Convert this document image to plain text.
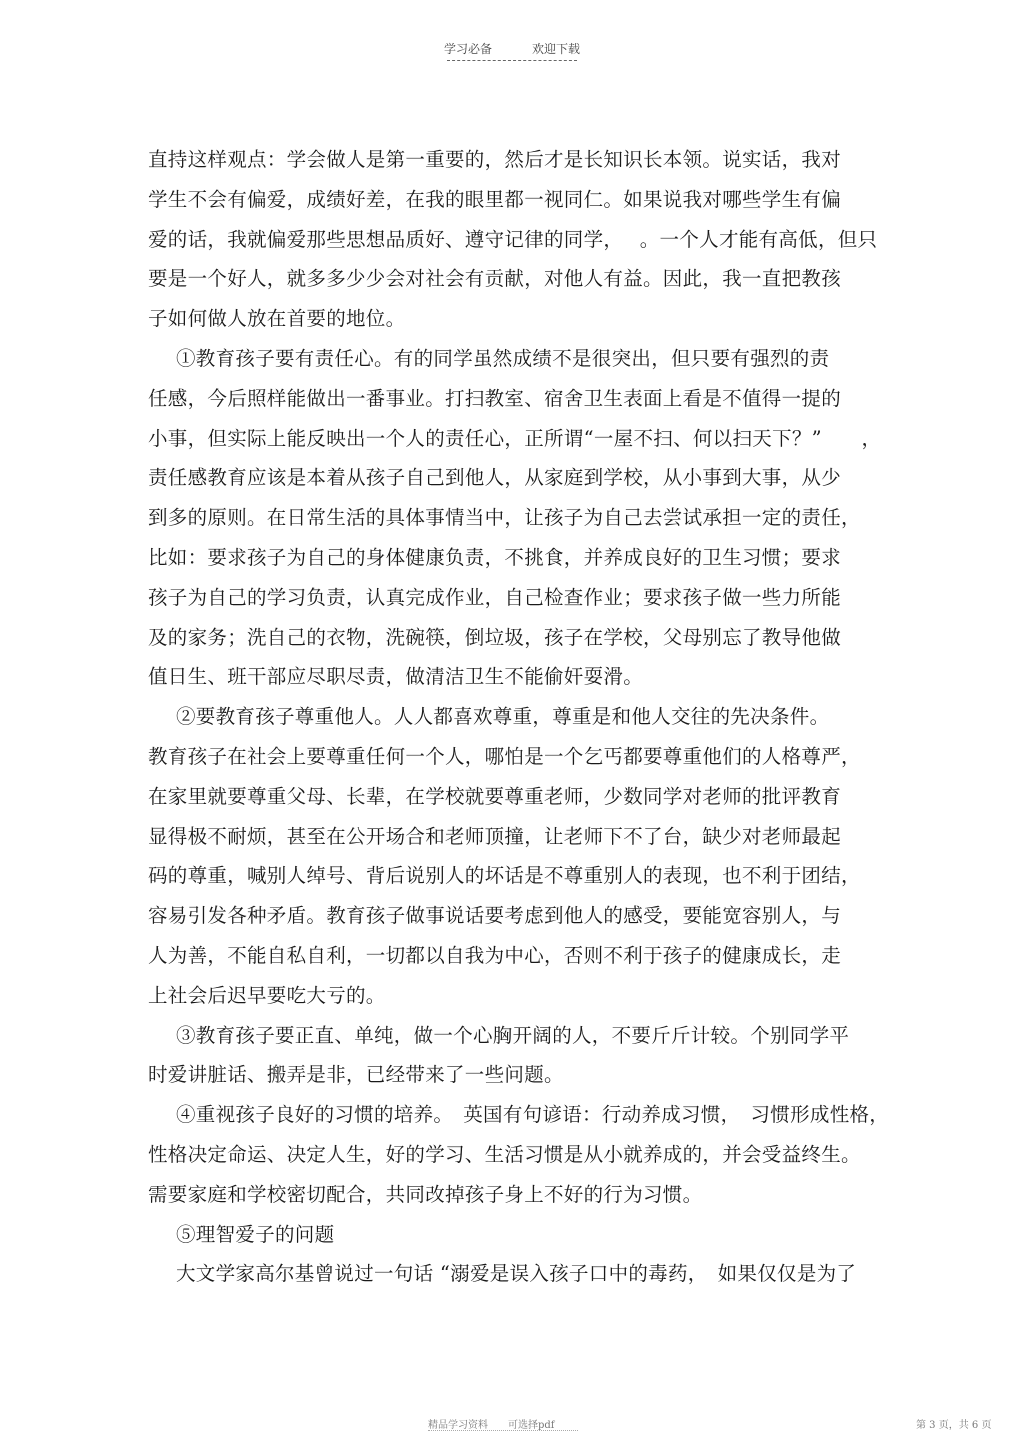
学习必备	欢迎下载
直持这样观点：学会做人是第一重要的，然后才是长知识长本领。说实话，我对
学生不会有偏爱，成绩好差，在我的眼里都一视同仁。如果说我对哪些学生有偏
爱的话，我就偏爱那些思想品质好、遵守记律的同学，　 。一个人才能有高低，但只
要是一个好人，就多多少少会对社会有贡献，对他人有益。因此，我一直把教孩
子如何做人放在首要的地位。
①教育孩子要有责任心。有的同学虽然成绩不是很突出，但只要有强烈的责
任感，今后照样能做出一番事业。打扫教室、宿舍卫生表面上看是不值得一提的
小事，但实际上能反映出一个人的责任心，正所谓“一屋不扫、何以扫天下？”　　，
责任感教育应该是本着从孩子自己到他人，从家庭到学校，从小事到大事，从少
到多的原则。在日常生活的具体事情当中，让孩子为自己去尝试承担一定的责任，
比如：要求孩子为自己的身体健康负责，不挑食，并养成良好的卫生习惯；要求
孩子为自己的学习负责，认真完成作业，自己检查作业；要求孩子做一些力所能
及的家务；洗自己的衣物，洗碗筷，倒垃圾，孩子在学校，父母别忘了教导他做
值日生、班干部应尽职尽责，做清洁卫生不能偷奸耍滑。
②要教育孩子尊重他人。人人都喜欢尊重，尊重是和他人交往的先决条件。
教育孩子在社会上要尊重任何一个人，哪怕是一个乞丐都要尊重他们的人格尊严，
在家里就要尊重父母、长辈，在学校就要尊重老师，少数同学对老师的批评教育
显得极不耐烦，甚至在公开场合和老师顶撞，让老师下不了台，缺少对老师最起
码的尊重，喊别人绰号、背后说别人的坏话是不尊重别人的表现，也不利于团结，
容易引发各种矛盾。教育孩子做事说话要考虑到他人的感受，要能宽容别人，与
人为善，不能自私自利，一切都以自我为中心，否则不利于孩子的健康成长，走
上社会后迟早要吃大亏的。
③教育孩子要正直、单纯，做一个心胸开阔的人，不要斤斤计较。个别同学平
时爱讲脏话、搬弄是非，已经带来了一些问题。
④重视孩子良好的习惯的培养。　英国有句谚语：行动养成习惯，　习惯形成性格，
性格决定命运、决定人生，好的学习、生活习惯是从小就养成的，并会受益终生。
需要家庭和学校密切配合，共同改掉孩子身上不好的行为习惯。
⑤理智爱子的问题
大文学家高尔基曾说过一句话 “溺爱是误入孩子口中的毒药，　如果仅仅是为了
精品学习资料　　可选择pdf	第 3 页，共 6 页
